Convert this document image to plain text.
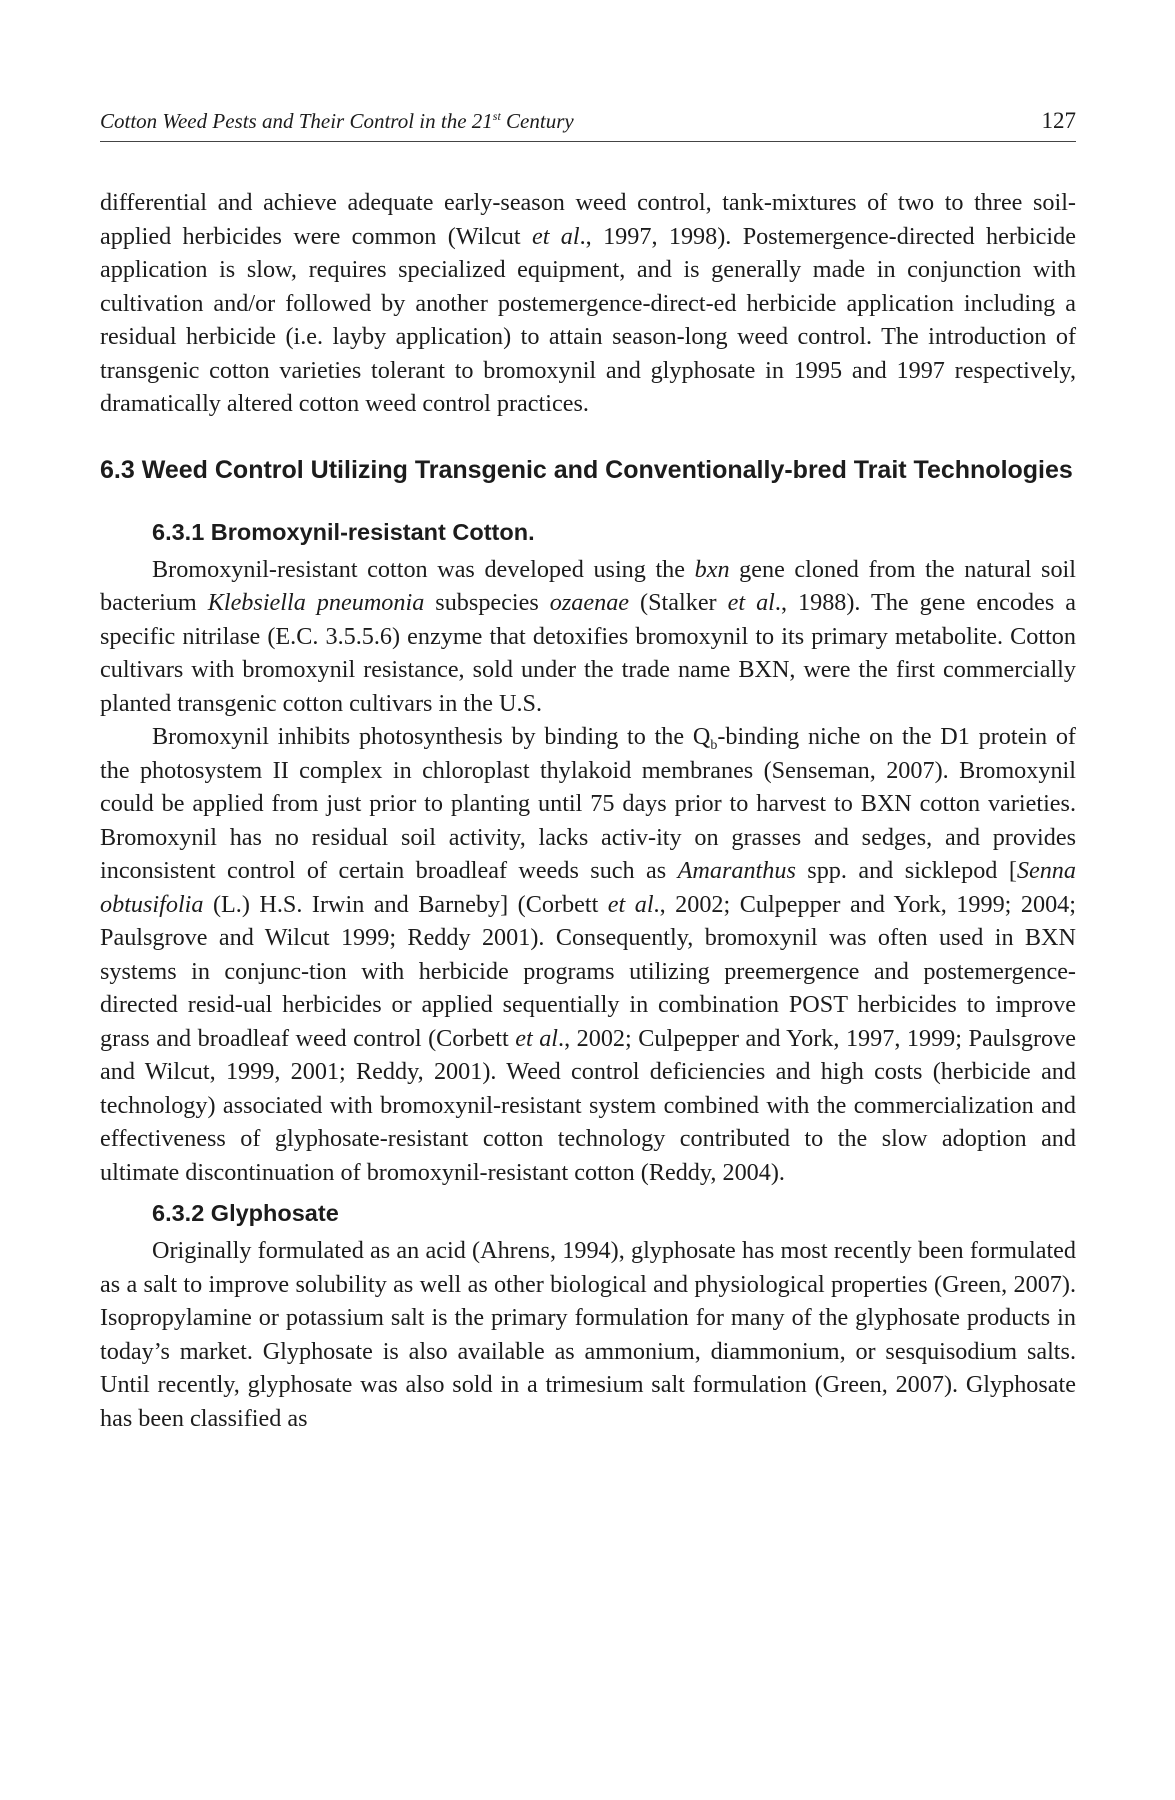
Cotton Weed Pests and Their Control in the 21st Century	127

differential and achieve adequate early-season weed control, tank-mixtures of two to three soil-applied herbicides were common (Wilcut et al., 1997, 1998). Postemergence-directed herbicide application is slow, requires specialized equipment, and is generally made in conjunction with cultivation and/or followed by another postemergence-direct-ed herbicide application including a residual herbicide (i.e. layby application) to attain season-long weed control. The introduction of transgenic cotton varieties tolerant to bromoxynil and glyphosate in 1995 and 1997 respectively, dramatically altered cotton weed control practices.

6.3 Weed Control Utilizing Transgenic and Conventionally-bred Trait Technologies
6.3.1 Bromoxynil-resistant Cotton.

Bromoxynil-resistant cotton was developed using the bxn gene cloned from the natural soil bacterium Klebsiella pneumonia subspecies ozaenae (Stalker et al., 1988). The gene encodes a specific nitrilase (E.C. 3.5.5.6) enzyme that detoxifies bromoxynil to its primary metabolite. Cotton cultivars with bromoxynil resistance, sold under the trade name BXN, were the first commercially planted transgenic cotton cultivars in the U.S.

Bromoxynil inhibits photosynthesis by binding to the $Q_b$-binding niche on the D1 protein of the photosystem II complex in chloroplast thylakoid membranes (Senseman, 2007). Bromoxynil could be applied from just prior to planting until 75 days prior to harvest to BXN cotton varieties. Bromoxynil has no residual soil activity, lacks activ-ity on grasses and sedges, and provides inconsistent control of certain broadleaf weeds such as Amaranthus spp. and sicklepod [Senna obtusifolia (L.) H.S. Irwin and Barneby] (Corbett et al., 2002; Culpepper and York, 1999; 2004; Paulsgrove and Wilcut 1999; Reddy 2001). Consequently, bromoxynil was often used in BXN systems in conjunc-tion with herbicide programs utilizing preemergence and postemergence-directed resid-ual herbicides or applied sequentially in combination POST herbicides to improve grass and broadleaf weed control (Corbett et al., 2002; Culpepper and York, 1997, 1999; Paulsgrove and Wilcut, 1999, 2001; Reddy, 2001). Weed control deficiencies and high costs (herbicide and technology) associated with bromoxynil-resistant system combined with the commercialization and effectiveness of glyphosate-resistant cotton technology contributed to the slow adoption and ultimate discontinuation of bromoxynil-resistant cotton (Reddy, 2004).

6.3.2 Glyphosate

Originally formulated as an acid (Ahrens, 1994), glyphosate has most recently been formulated as a salt to improve solubility as well as other biological and physiological properties (Green, 2007). Isopropylamine or potassium salt is the primary formulation for many of the glyphosate products in today’s market. Glyphosate is also available as ammonium, diammonium, or sesquisodium salts. Until recently, glyphosate was also sold in a trimesium salt formulation (Green, 2007). Glyphosate has been classified as
